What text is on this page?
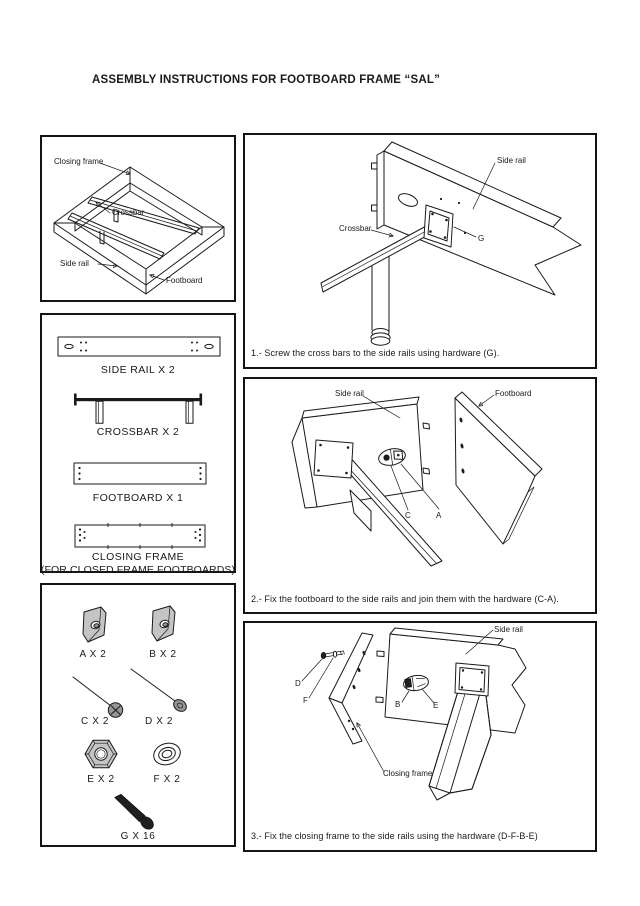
ASSEMBLY INSTRUCTIONS FOR FOOTBOARD FRAME “SAL”
Closing frame
Crossbar
Side rail
Footboard
SIDE RAIL X 2
CROSSBAR X 2
FOOTBOARD X 1
CLOSING FRAME
(FOR CLOSED FRAME FOOTBOARDS)
A X 2	B X 2
C X 2	D X 2
E X 2	F X 2
G X 16
Side rail
Crossbar
G
1.- Screw the cross bars to the side rails using hardware (G).
Side rail	Footboard
C	A
2.- Fix the footboard to the side rails and join them with the hardware (C-A).
Side rail
D
F	B	E
Closing frame
3.- Fix the closing frame to the side rails using the hardware (D-F-B-E)
